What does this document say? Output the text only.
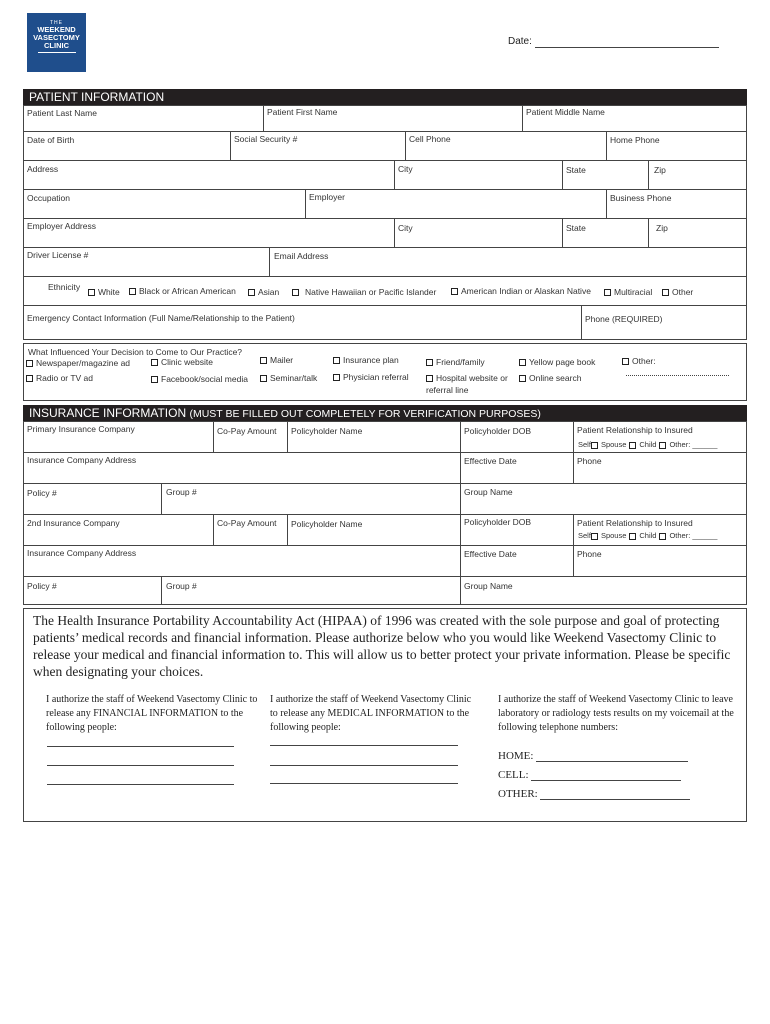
THE
WEEKEND
VASECTOMY
CLINIC	Date:
PATIENT INFORMATION
Patient Last Name	Patient First Name	Patient Middle Name
Date of Birth	Social Security #	Cell Phone	Home Phone
Address	City	State	Zip
Occupation	Employer	Business Phone
Employer Address	City	State	Zip
Driver License #	Email Address
Ethnicity	White	Black or African American	Asian	Native Hawaiian or Pacific Islander	American Indian or Alaskan Native	Multiracial	Other
Emergency Contact Information (Full Name/Relationship to the Patient)	Phone (REQUIRED)
What Influenced Your Decision to Come to Our Practice?
Newspaper/magazine ad
Radio or TV ad
Clinic website
Facebook/social media
Mailer
Seminar/talk
Insurance plan
Physician referral
Friend/family
Hospital website or
referral line
Yellow page book
Online search
Other:
INSURANCE INFORMATION (MUST BE FILLED OUT COMPLETELY FOR VERIFICATION PURPOSES)
Primary Insurance Company	Co-Pay Amount Policyholder Name	Policyholder DOB	Patient Relationship to Insured
Self Spouse Child Other: ______
Insurance Company Address	Effective Date	Phone
Policy #	Group #	Group Name
2nd Insurance Company	Co-Pay Amount Policyholder Name	Policyholder DOB	Patient Relationship to Insured
Self Spouse Child Other: ______
Insurance Company Address	Effective Date	Phone
Policy #	Group #	Group Name
The Health Insurance Portability Accountability Act (HIPAA) of 1996 was created with the sole purpose and goal of protecting patients’ medical records and financial information. Please authorize below who you would like Weekend Vasectomy Clinic to release your medical and financial information to. This will allow us to better protect your private information. Please be specific when designating your choices.
I authorize the staff of Weekend Vasectomy Clinic to release any FINANCIAL INFORMATION to the following people:
I authorize the staff of Weekend Vasectomy Clinic to release any MEDICAL INFORMATION to the following people:
I authorize the staff of Weekend Vasectomy Clinic to leave laboratory or radiology tests results on my voicemail at the following telephone numbers:
HOME:
CELL:
OTHER:
